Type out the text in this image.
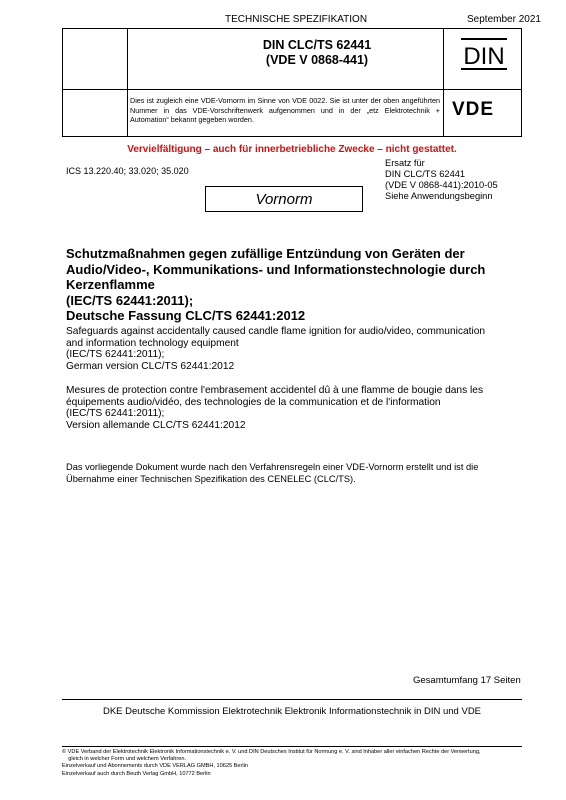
TECHNISCHE SPEZIFIKATION	September 2021
DIN CLC/TS 62441
(VDE V 0868-441)	DIN
Dies ist zugleich eine VDE-Vornorm im Sinne von VDE 0022. Sie ist unter der oben angeführten Nummer in das VDE-Vorschriftenwerk aufgenommen und in der „etz Elektrotechnik + Automation“ bekannt gegeben worden.	VDE
Vervielfältigung – auch für innerbetriebliche Zwecke – nicht gestattet.
ICS 13.220.40; 33.020; 35.020
Ersatz für
DIN CLC/TS 62441
(VDE V 0868-441):2010-05
Siehe Anwendungsbeginn
Vornorm
Schutzmaßnahmen gegen zufällige Entzündung von Geräten der
Audio/Video-, Kommunikations- und Informationstechnologie durch
Kerzenflamme
(IEC/TS 62441:2011);
Deutsche Fassung CLC/TS 62441:2012
Safeguards against accidentally caused candle flame ignition for audio/video, communication
and information technology equipment
(IEC/TS 62441:2011);
German version CLC/TS 62441:2012
Mesures de protection contre l'embrasement accidentel dû à une flamme de bougie dans les
équipements audio/vidéo, des technologies de la communication et de l'information
(IEC/TS 62441:2011);
Version allemande CLC/TS 62441:2012
Das vorliegende Dokument wurde nach den Verfahrensregeln einer VDE-Vornorm erstellt und ist die
Übernahme einer Technischen Spezifikation des CENELEC (CLC/TS).
Gesamtumfang 17 Seiten
DKE Deutsche Kommission Elektrotechnik Elektronik Informationstechnik in DIN und VDE
© VDE Verband der Elektrotechnik Elektronik Informationstechnik e. V. und DIN Deutsches Institut für Normung e. V. sind Inhaber aller einfachen Rechte der Verwertung,
gleich in welcher Form und welchem Verfahren.
Einzelverkauf und Abonnements durch VDE VERLAG GMBH, 10625 Berlin
Einzelverkauf auch durch Beuth Verlag GmbH, 10772 Berlin
